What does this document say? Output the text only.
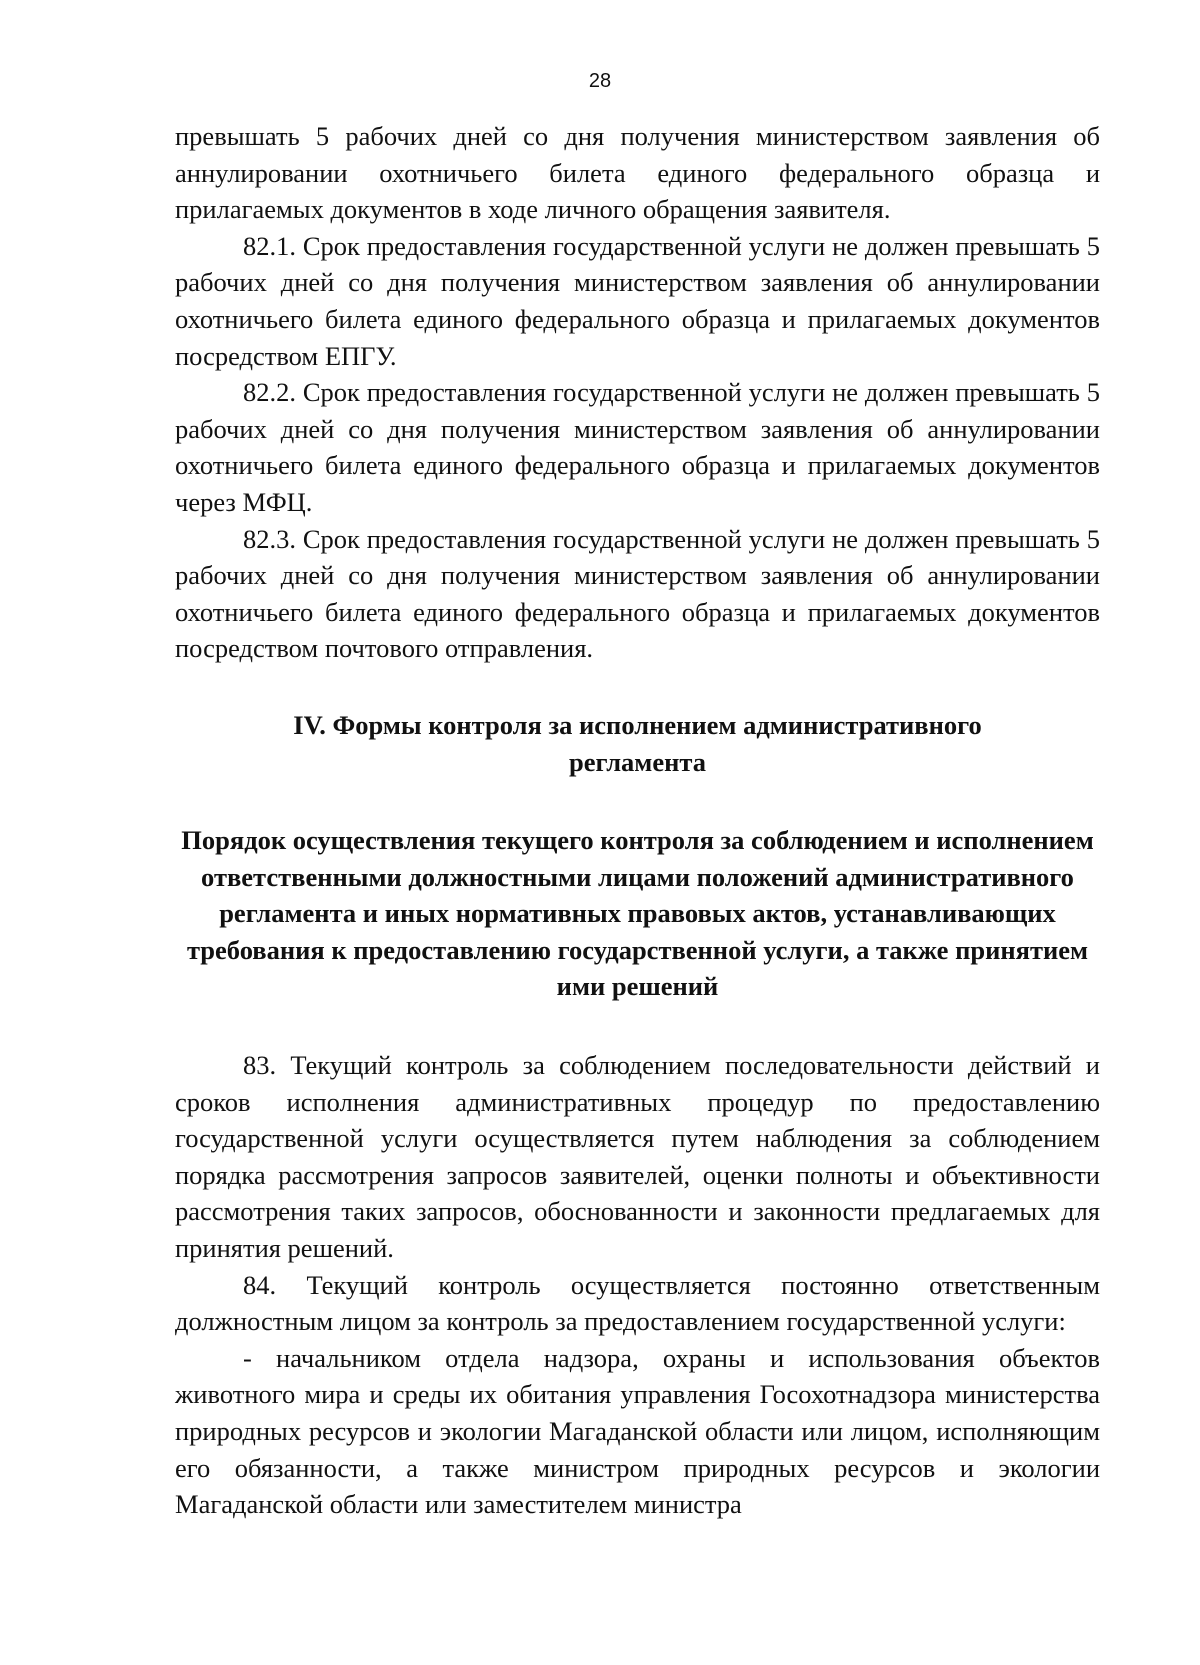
28

превышать 5 рабочих дней со дня получения министерством заявления об аннулировании охотничьего билета единого федерального образца и прилагаемых документов в ходе личного обращения заявителя.

82.1. Срок предоставления государственной услуги не должен превышать 5 рабочих дней со дня получения министерством заявления об аннулировании охотничьего билета единого федерального образца и прилагаемых документов посредством ЕПГУ.

82.2. Срок предоставления государственной услуги не должен превышать 5 рабочих дней со дня получения министерством заявления об аннулировании охотничьего билета единого федерального образца и прилагаемых документов через МФЦ.

82.3. Срок предоставления государственной услуги не должен превышать 5 рабочих дней со дня получения министерством заявления об аннулировании охотничьего билета единого федерального образца и прилагаемых документов посредством почтового отправления.

IV. Формы контроля за исполнением административного регламента
Порядок осуществления текущего контроля за соблюдением и исполнением ответственными должностными лицами положений административного регламента и иных нормативных правовых актов, устанавливающих требования к предоставлению государственной услуги, а также принятием ими решений

83. Текущий контроль за соблюдением последовательности действий и сроков исполнения административных процедур по предоставлению государственной услуги осуществляется путем наблюдения за соблюдением порядка рассмотрения запросов заявителей, оценки полноты и объективности рассмотрения таких запросов, обоснованности и законности предлагаемых для принятия решений.

84. Текущий контроль осуществляется постоянно ответственным должностным лицом за контроль за предоставлением государственной услуги:

- начальником отдела надзора, охраны и использования объектов животного мира и среды их обитания управления Госохотнадзора министерства природных ресурсов и экологии Магаданской области или лицом, исполняющим его обязанности, а также министром природных ресурсов и экологии Магаданской области или заместителем министра
